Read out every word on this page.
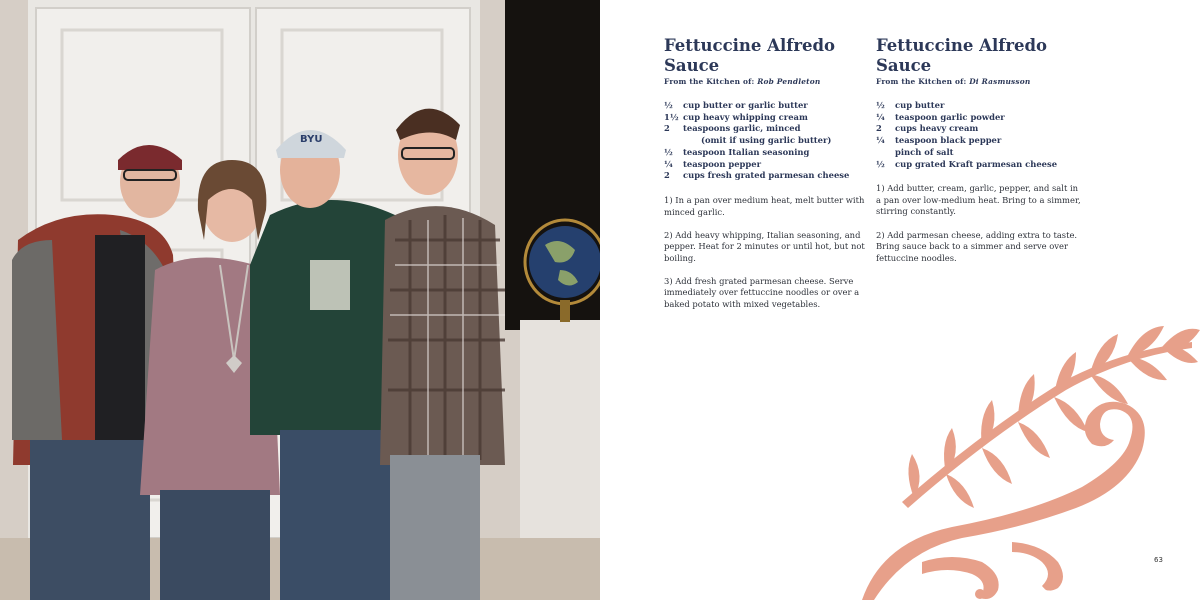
BYU
Fettuccine Alfredo
Sauce
From the Kitchen of: Rob Pendleton
½	cup butter or garlic butter
1½ cup heavy whipping cream
2	teaspoons garlic, minced
(omit if using garlic butter)
½	teaspoon Italian seasoning
¼	teaspoon pepper
2	cups fresh grated parmesan cheese

1) In a pan over medium heat, melt butter with minced garlic.

2) Add heavy whipping, Italian seasoning, and pepper. Heat for 2 minutes or until hot, but not boiling.

3) Add fresh grated parmesan cheese. Serve immediately over fettuccine noodles or over a baked potato with mixed vegetables.

Fettuccine Alfredo
Sauce
From the Kitchen of: Di Rasmusson
½	cup butter
¼	teaspoon garlic powder
2	cups heavy cream
¼	teaspoon black pepper
pinch of salt
½	cup grated Kraft parmesan cheese

1) Add butter, cream, garlic, pepper, and salt in a pan over low-medium heat. Bring to a simmer, stirring constantly.

2) Add parmesan cheese, adding extra to taste. Bring sauce back to a simmer and serve over fettuccine noodles.

63
